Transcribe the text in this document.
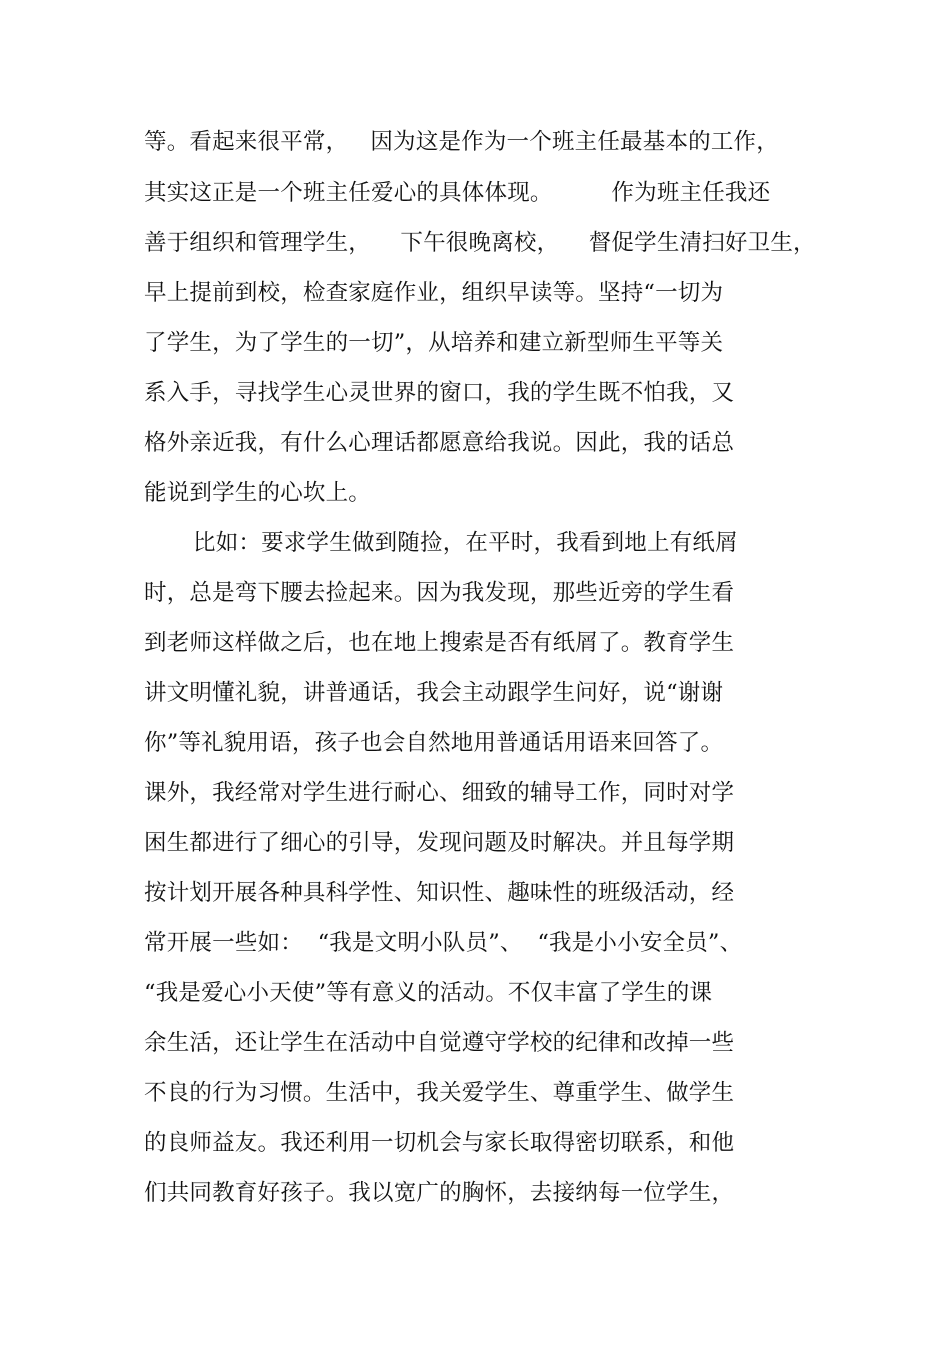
等。看起来很平常，   因为这是作为一个班主任最基本的工作，
其实这正是一个班主任爱心的具体体现。        作为班主任我还
善于组织和管理学生，    下午很晚离校，    督促学生清扫好卫生，
早上提前到校，检查家庭作业，组织早读等。坚持“一切为
了学生，为了学生的一切”，从培养和建立新型师生平等关
系入手，寻找学生心灵世界的窗口，我的学生既不怕我，又
格外亲近我，有什么心理话都愿意给我说。因此，我的话总
能说到学生的心坎上。
比如：要求学生做到随捡，在平时，我看到地上有纸屑
时，总是弯下腰去捡起来。因为我发现，那些近旁的学生看
到老师这样做之后，也在地上搜索是否有纸屑了。教育学生
讲文明懂礼貌，讲普通话，我会主动跟学生问好，说“谢谢
你”等礼貌用语，孩子也会自然地用普通话用语来回答了。
课外，我经常对学生进行耐心、细致的辅导工作，同时对学
困生都进行了细心的引导，发现问题及时解决。并且每学期
按计划开展各种具科学性、知识性、趣味性的班级活动，经
常开展一些如：  “我是文明小队员”、  “我是小小安全员”、
“我是爱心小天使”等有意义的活动。不仅丰富了学生的课
余生活，还让学生在活动中自觉遵守学校的纪律和改掉一些
不良的行为习惯。生活中，我关爱学生、尊重学生、做学生
的良师益友。我还利用一切机会与家长取得密切联系，和他
们共同教育好孩子。我以宽广的胸怀，去接纳每一位学生，
